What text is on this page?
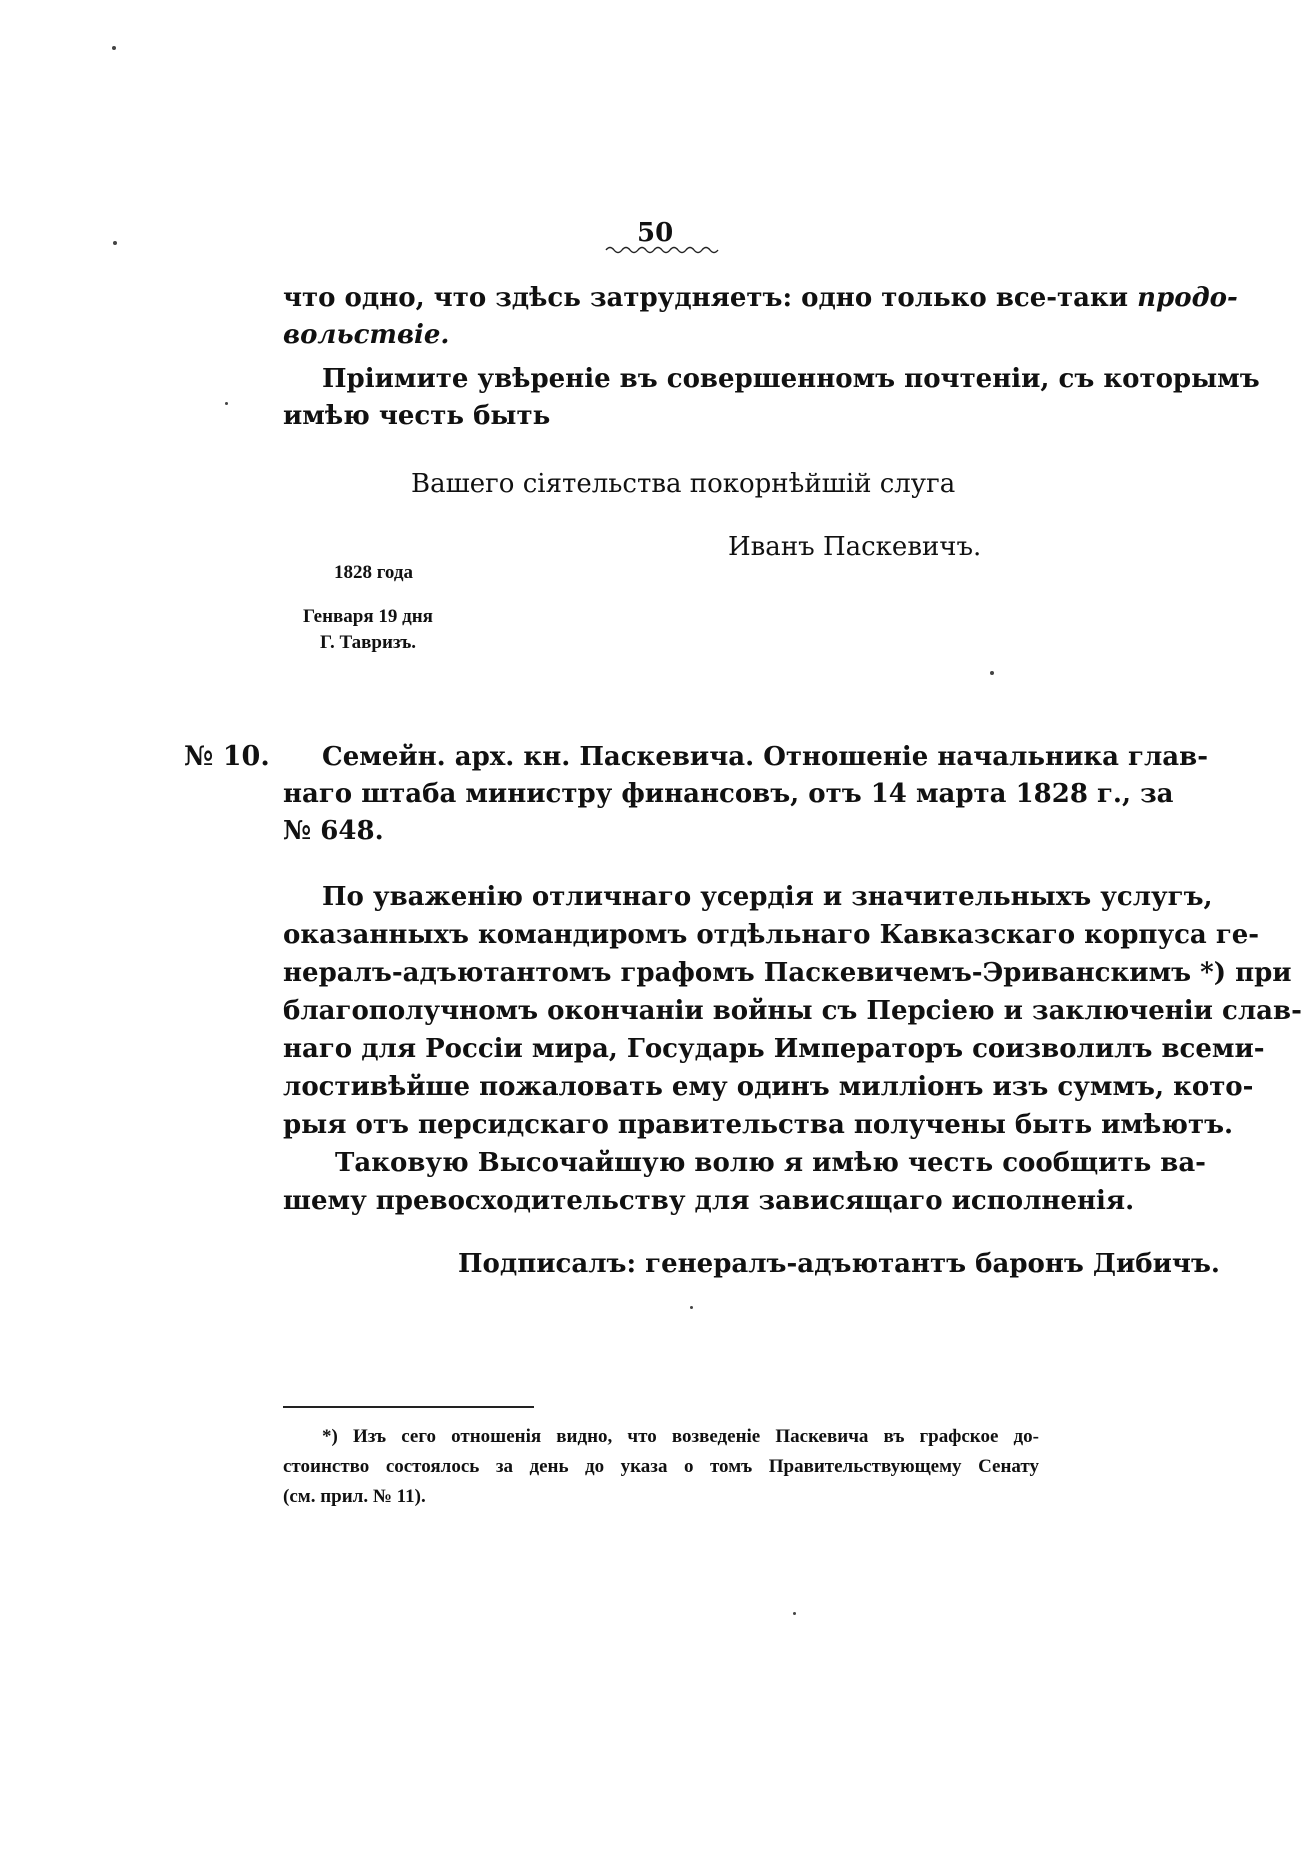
50
что одно, что здѣсь затрудняетъ: одно только все-таки продо-
вольствiе.
Прiимите увѣренiе въ совершенномъ почтенiи, съ которымъ
имѣю честь быть
Вашего сiятельства покорнѣйшiй слуга
Иванъ Паскевичъ.
1828 года
Генваря 19 дня
Г. Тавризъ.
№ 10. Семейн. арх. кн. Паскевича. Отношенiе начальника глав-
наго штаба министру финансовъ, отъ 14 марта 1828 г., за
№ 648.
По уваженiю отличнаго усердiя и значительныхъ услугъ,
оказанныхъ командиромъ отдѣльнаго Кавказскаго корпуса ге-
нералъ-адъютантомъ графомъ Паскевичемъ-Эриванскимъ *) при
благополучномъ окончанiи войны съ Персiею и заключенiи слав-
наго для Россiи мира, Государь Императоръ соизволилъ всеми-
лостивѣйше пожаловать ему одинъ миллiонъ изъ суммъ, кото-
рыя отъ персидскаго правительства получены быть имѣютъ.
Таковую Высочайшую волю я имѣю честь сообщить ва-
шему превосходительству для зависящаго исполненiя.
Подписалъ: генералъ-адъютантъ баронъ Дибичъ.
*) Изъ сего отношенiя видно, что возведенiе Паскевича въ графское до-
стоинство состоялось за день до указа о томъ Правительствующему Сенату
(см. прил. № 11).
